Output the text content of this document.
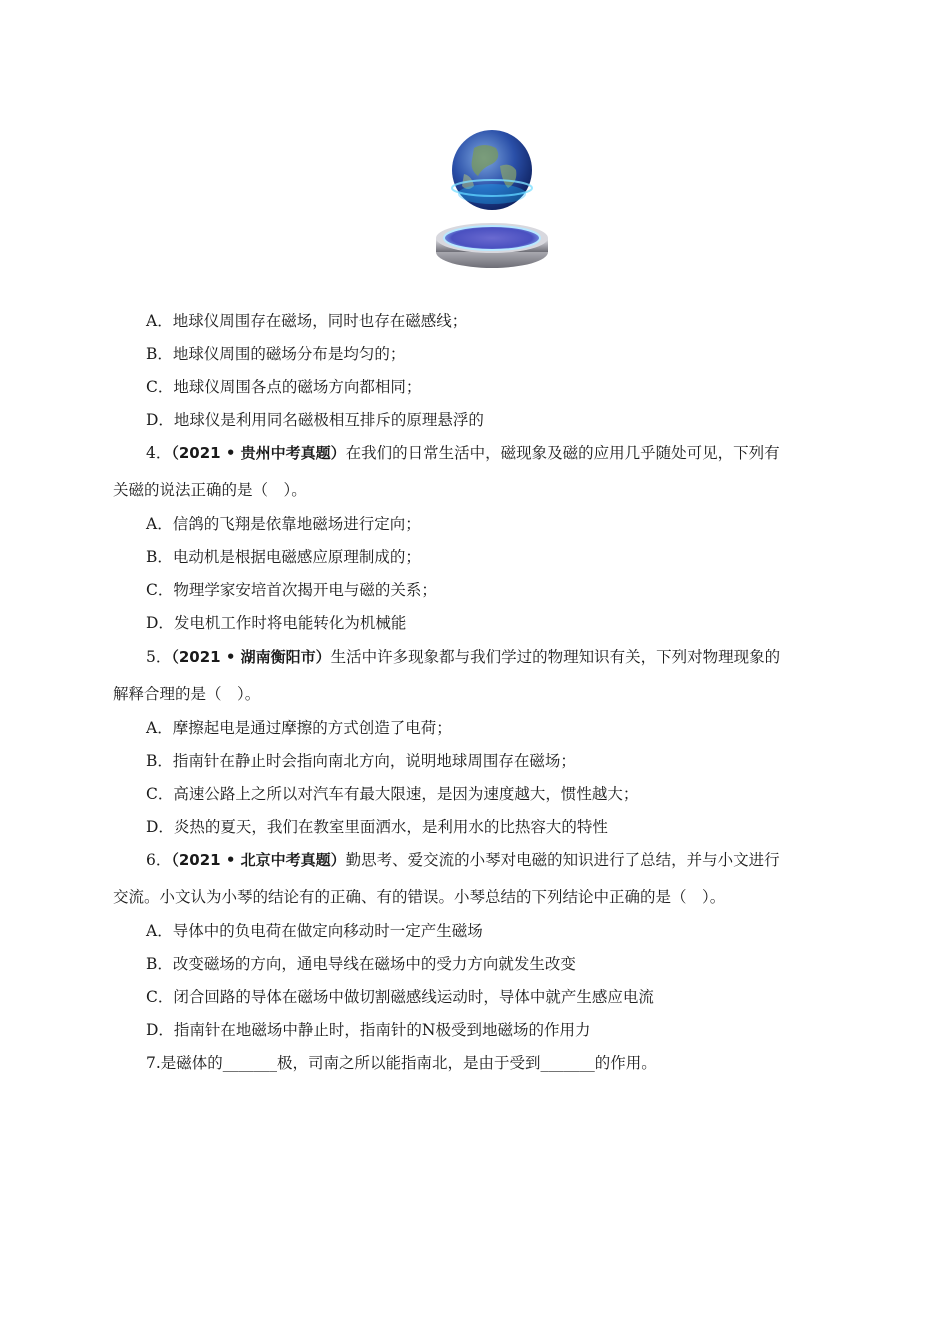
A．地球仪周围存在磁场，同时也存在磁感线；
B．地球仪周围的磁场分布是均匀的；
C．地球仪周围各点的磁场方向都相同；
D．地球仪是利用同名磁极相互排斥的原理悬浮的
4．（2021 • 贵州中考真题）在我们的日常生活中，磁现象及磁的应用几乎随处可见，下列有
关磁的说法正确的是（　）。
A．信鸽的飞翔是依靠地磁场进行定向；
B．电动机是根据电磁感应原理制成的；
C．物理学家安培首次揭开电与磁的关系；
D．发电机工作时将电能转化为机械能
5．（2021 • 湖南衡阳市）生活中许多现象都与我们学过的物理知识有关，下列对物理现象的
解释合理的是（　）。
A．摩擦起电是通过摩擦的方式创造了电荷；
B．指南针在静止时会指向南北方向，说明地球周围存在磁场；
C．高速公路上之所以对汽车有最大限速，是因为速度越大，惯性越大；
D．炎热的夏天，我们在教室里面洒水，是利用水的比热容大的特性
6．（2021 • 北京中考真题）勤思考、爱交流的小琴对电磁的知识进行了总结，并与小文进行
交流。小文认为小琴的结论有的正确、有的错误。小琴总结的下列结论中正确的是（　）。
A．导体中的负电荷在做定向移动时一定产生磁场
B．改变磁场的方向，通电导线在磁场中的受力方向就发生改变
C．闭合回路的导体在磁场中做切割磁感线运动时，导体中就产生感应电流
D．指南针在地磁场中静止时，指南针的N极受到地磁场的作用力
7.是磁体的_______极，司南之所以能指南北，是由于受到_______的作用。
